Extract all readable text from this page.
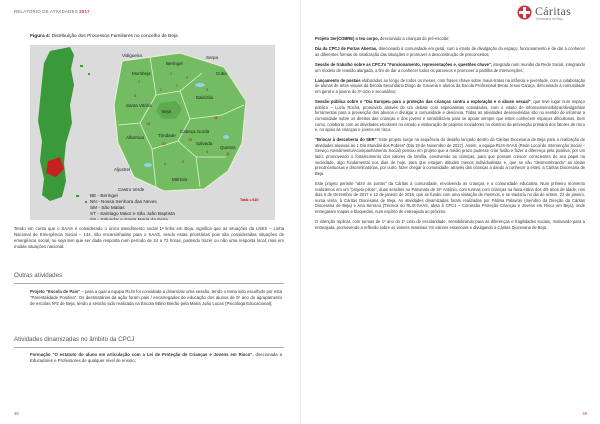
RELATÓRIO DE ATIVIDADES 2017
Figura 4: Distribuição dos Processos Familiares no concelho de Beja
Vidigueira
Mombeja
Serpa
Beringel
Baleizão
Santa Vitória
Beja
Albernoa	Trindade
Cabeça Gorda
Salvada
Quintos
Aljustrel
Castro Verde
Mértola
Cuba
2
2
1
7
3
3
8
14
11
22
13
4	11
2
4
BE - Beringel
NN - Nossa Senhora das Neves
SM - São Matias
ST - Santiago Maior e São João Baptista
SS - Salvador e Santa Maria da Feira
Total = 610
Tendo em conta que o SAAS é considerado o único atendimento social 1ª linha em Beja, significa que as situações da LNES – Linha Nacional de Emergência Social – 144, são encaminhadas para o SAAS, sendo estas prioritárias pois são consideradas situações de emergência social, ou seja tem que ser dada resposta num período de 24 a 72 horas, podendo trazer ou não uma resposta local, mas em muitas situações nacional.
Outras atividades
Projeto "Escola de Pais" – para a qual a equipa RLIS foi convidada a dinamizar uma sessão, tendo o tema sido escolhido por esta "Parentalidade Positiva". Os destinatários da ação foram pais / encarregados de educação dos alunos de 5º ano do agrupamento de escolas Nº2 de Beja, tendo a sessão sido realizada na Escola Mário Beirão pela Maria João Lucas (Psicóloga Educacional);
Atividades dinamizadas no âmbito da CPCJ
Formação "O estatuto do aluno em articulação com a Lei de Proteção de Crianças e Jovens em Risco", direcionada a Educadores e Professores de qualquer nível de ensino;
46
Cáritas
Diocesana de Beja

Projeto Ser(COBRE) o teu corpo, direcionado a crianças do pré-escolar;

Dia da CPCJ de Portas Abertas, direcionado à comunidade em geral, com o intuito de divulgação do espaço, funcionamento e de dar a conhecer as diferentes formas de sinalização das situações e promover a desconstrução de preconceitos;

Sessão de trabalho sobre as CPCJ's "Funcionamento, representações e, questões chave", integrada num reunião da Rede Social, integrando um modelo de reunião alargada, a fim de dar a conhecer todos os parceiros e promover a partilha de intervenções;

Lançamento de postais elaborados ao longo de todos os meses, com frases chave sobre maus-tratos na infância e juventude, com a colaboração de alunas de artes visuais da Escola Secundária Diogo de Gouveia e alunos da Escola Profissional Bento Jesus Caraça, direcionado à comunidade em geral e a jovens do 3º ciclo e secundário;

Sessão pública sobre o "Dia Europeu para a proteção das crianças contra a exploração e o abuso sexual", que teve lugar num espaço público – Luzia Rocha, promovido através de um debate com especialistas convidados, com o intuito de informar/sensibilizar/divulgar/dar ferramentas para a prevenção dos abusos e divulgar a comunidade e denúncia. Todas as atividades desenvolvidas são no sentido de informar a comunidade sobre os direitos das crianças e dos jovens e sensibilizá-la para se apoiar sempre que estes conhecem espaços dificultosos, bem como, colaborar com as atividades escolares no estudo e elaboração de projetos inovadores no domínio da prevenção primária dos fatores de risco e, no apoio às crianças e jovens em risco.

"Brincar à descoberta do SER": Este projeto surge na sequência do desafio lançado dentro da Cáritas Diocesana de Beja para a realização de atividades alusivas ao 1 Dia Mundial dos Pobres" (Dia 19 de Novembro de 2017). Assim, a equipa RLIS-SAAS (Rede Local de Intervenção Social – Serviço Atendimento/Acompanhamento Social) pensou em projeto que a médio prazo pudesse criar fusão e fazer a diferença pela positiva, por um lado, promovendo o fortalecimento dos valores da família, envolvendo as crianças, para que possam crescer conscientes do seu papel na sociedade, algo fundamental nos dias de hoje, para que estejam atitudes menos individualistas e, que se vão "desmembrando" as ideias preconceituosas e discriminatórias, por outro, fazer chegar à comunidade, através das crianças a dando a conhecer a estes, a Cáritas Diocesana de Beja.

Este projeto permite "abrir as portas" da Cáritas à comunidade, envolvendo as crianças e a comunidade educativa. Num primeiro momento realizámos em um "projeto-piloto", duas sessões no Patronato de Stº António, com turmas com crianças na faixa etária dos 4/5 anos de idade, nos dias 6 de Dezembro de 2017 e 12 de janeiro de 2018, que se fundiu com uma visitação de mesmos, e se traduziu no dia de ontem, 22 de janeiro, numa visita, à Cáritas Diocesana de Beja. As atividades dinamizadas foram realizadas por Fátima Palavras (membro da Direção da Cáritas Diocesana de Beja) e Ana Serrano (Técnica do RLIS-SAAS, afeta à CPCJ – Comissão Proteção Crianças e Jovens em Risco em Beja), onde entregaram mapas e bloquedas, num espírito de entreajuda ao próximo.

O intenção replicar, com turmas de 1º ano do 1º ciclo de escolaridade, sensibilizando para as diferenças e fragilidades sociais, motivando para a entreajuda, promovendo a reflexão sobre os valores materiais VS valores essenciais e divulgando a Cáritas Diocesana de Beja.

49
